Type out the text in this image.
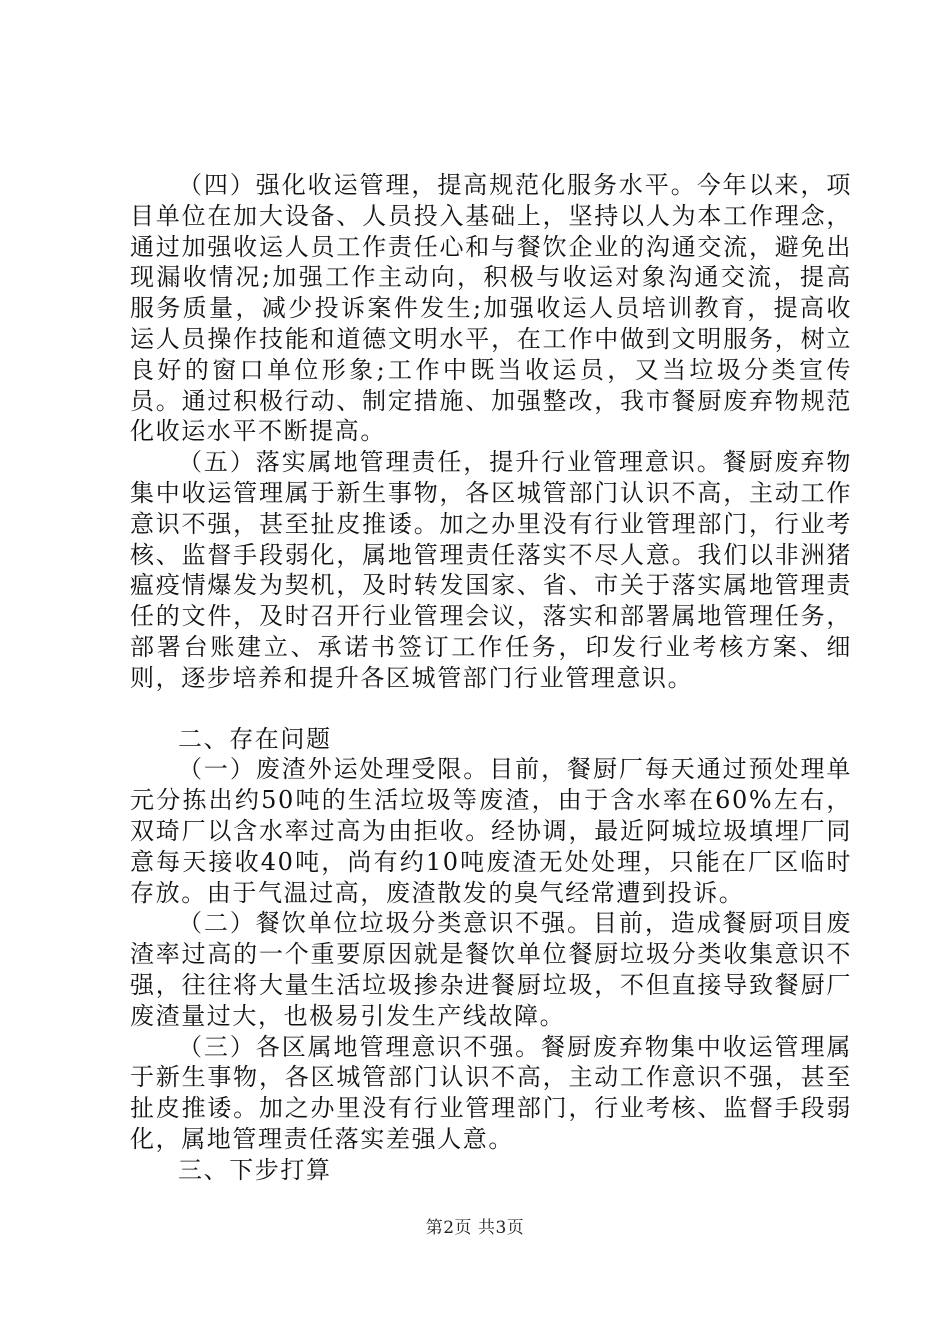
（四）强化收运管理，提高规范化服务水平。今年以来，项目单位在加大设备、人员投入基础上，坚持以人为本工作理念，通过加强收运人员工作责任心和与餐饮企业的沟通交流，避免出现漏收情况;加强工作主动向，积极与收运对象沟通交流，提高服务质量，减少投诉案件发生;加强收运人员培训教育，提高收运人员操作技能和道德文明水平，在工作中做到文明服务，树立良好的窗口单位形象;工作中既当收运员，又当垃圾分类宣传员。通过积极行动、制定措施、加强整改，我市餐厨废弃物规范化收运水平不断提高。

（五）落实属地管理责任，提升行业管理意识。餐厨废弃物集中收运管理属于新生事物，各区城管部门认识不高，主动工作意识不强，甚至扯皮推诿。加之办里没有行业管理部门，行业考核、监督手段弱化，属地管理责任落实不尽人意。我们以非洲猪瘟疫情爆发为契机，及时转发国家、省、市关于落实属地管理责任的文件，及时召开行业管理会议，落实和部署属地管理任务，部署台账建立、承诺书签订工作任务，印发行业考核方案、细则，逐步培养和提升各区城管部门行业管理意识。

二、存在问题

（一）废渣外运处理受限。目前，餐厨厂每天通过预处理单元分拣出约50吨的生活垃圾等废渣，由于含水率在60%左右，双琦厂以含水率过高为由拒收。经协调，最近阿城垃圾填埋厂同意每天接收40吨，尚有约10吨废渣无处处理，只能在厂区临时存放。由于气温过高，废渣散发的臭气经常遭到投诉。

（二）餐饮单位垃圾分类意识不强。目前，造成餐厨项目废渣率过高的一个重要原因就是餐饮单位餐厨垃圾分类收集意识不强，往往将大量生活垃圾掺杂进餐厨垃圾，不但直接导致餐厨厂废渣量过大，也极易引发生产线故障。

（三）各区属地管理意识不强。餐厨废弃物集中收运管理属于新生事物，各区城管部门认识不高，主动工作意识不强，甚至扯皮推诿。加之办里没有行业管理部门，行业考核、监督手段弱化，属地管理责任落实差强人意。

三、下步打算

第2页 共3页
